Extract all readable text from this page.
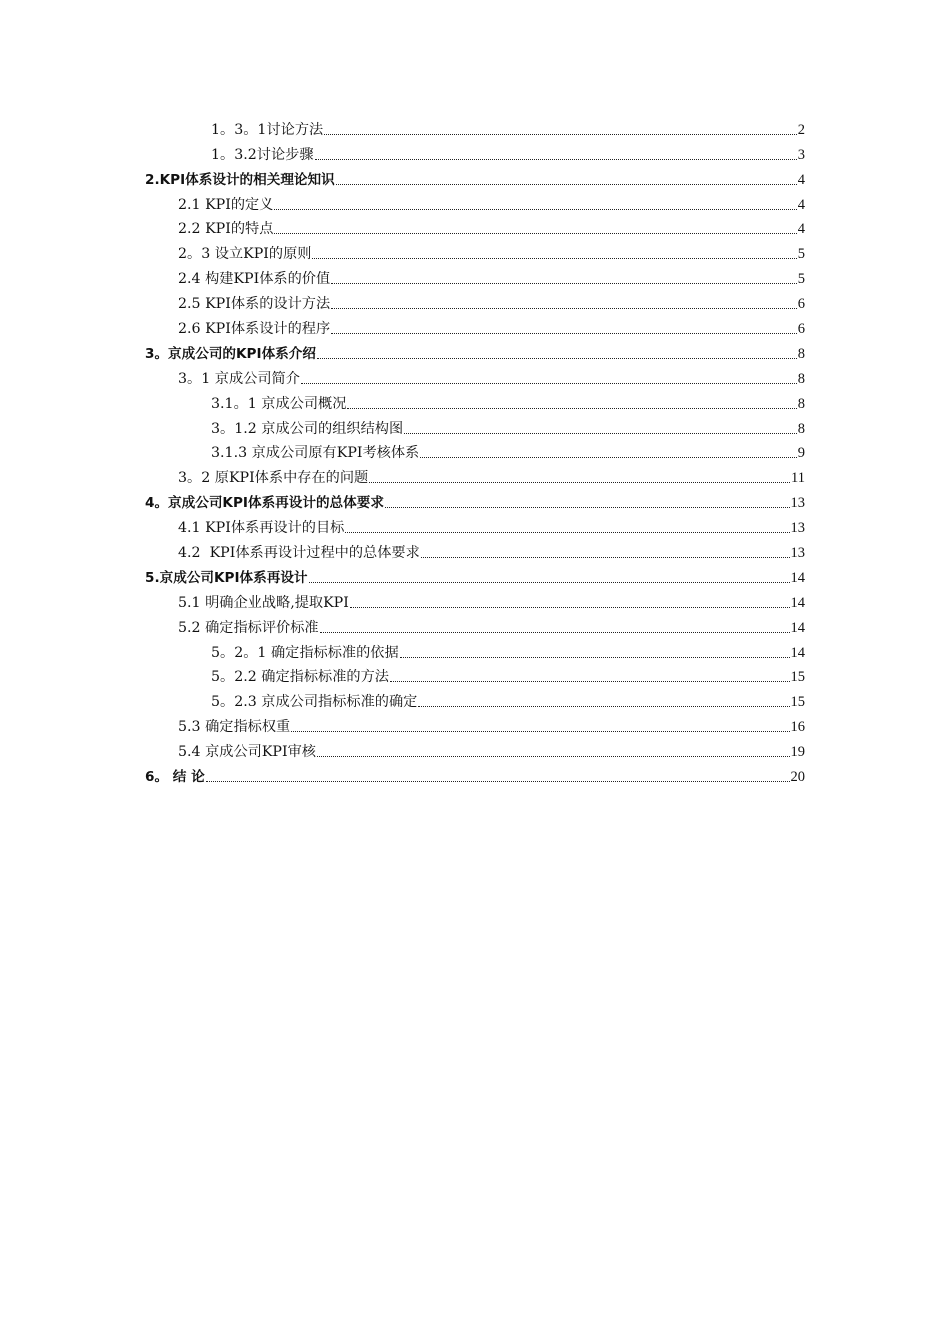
1。3。1讨论方法	2
1。3.2讨论步骤	3
2.KPI体系设计的相关理论知识	4
2.1 KPI的定义	4
2.2 KPI的特点	4
2。3 设立KPI的原则	5
2.4 构建KPI体系的价值	5
2.5 KPI体系的设计方法	6
2.6 KPI体系设计的程序	6
3。京成公司的KPI体系介绍	8
3。1 京成公司简介	8
3.1。1 京成公司概况	8
3。1.2 京成公司的组织结构图	8
3.1.3 京成公司原有KPI考核体系	9
3。2 原KPI体系中存在的问题	11
4。京成公司KPI体系再设计的总体要求	13
4.1 KPI体系再设计的目标	13
4.2  KPI体系再设计过程中的总体要求	13
5.京成公司KPI体系再设计	14
5.1 明确企业战略,提取KPI	14
5.2 确定指标评价标准	14
5。2。1 确定指标标准的依据	14
5。2.2 确定指标标准的方法	15
5。2.3 京成公司指标标准的确定	15
5.3 确定指标权重	16
5.4 京成公司KPI审核	19
6。 结 论	20
